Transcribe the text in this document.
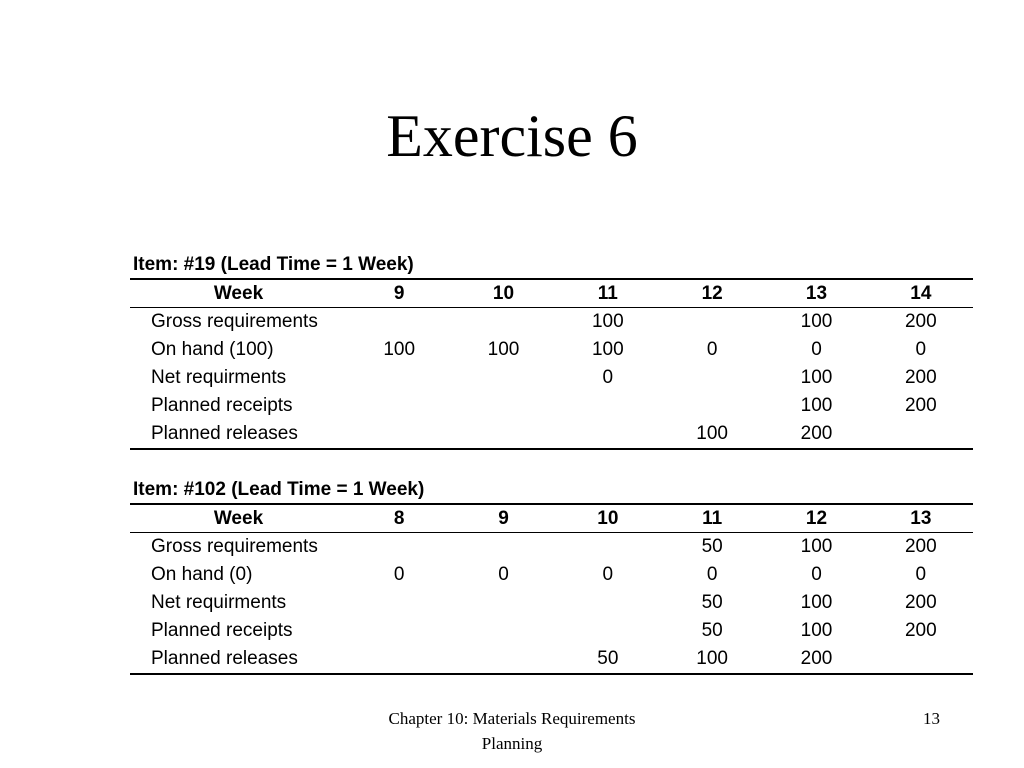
Exercise 6
Item: #19 (Lead Time = 1 Week)
Week	9	10	11	12	13	14
Gross requirements			100		100	200
On hand (100)	100	100	100	0	0	0
Net requirments			0		100	200
Planned receipts					100	200
Planned releases				100	200	
Item: #102 (Lead Time = 1 Week)
Week	8	9	10	11	12	13
Gross requirements				50	100	200
On hand (0)	0	0	0	0	0	0
Net requirments				50	100	200
Planned receipts				50	100	200
Planned releases			50	100	200	
Chapter 10: Materials Requirements
Planning
13
